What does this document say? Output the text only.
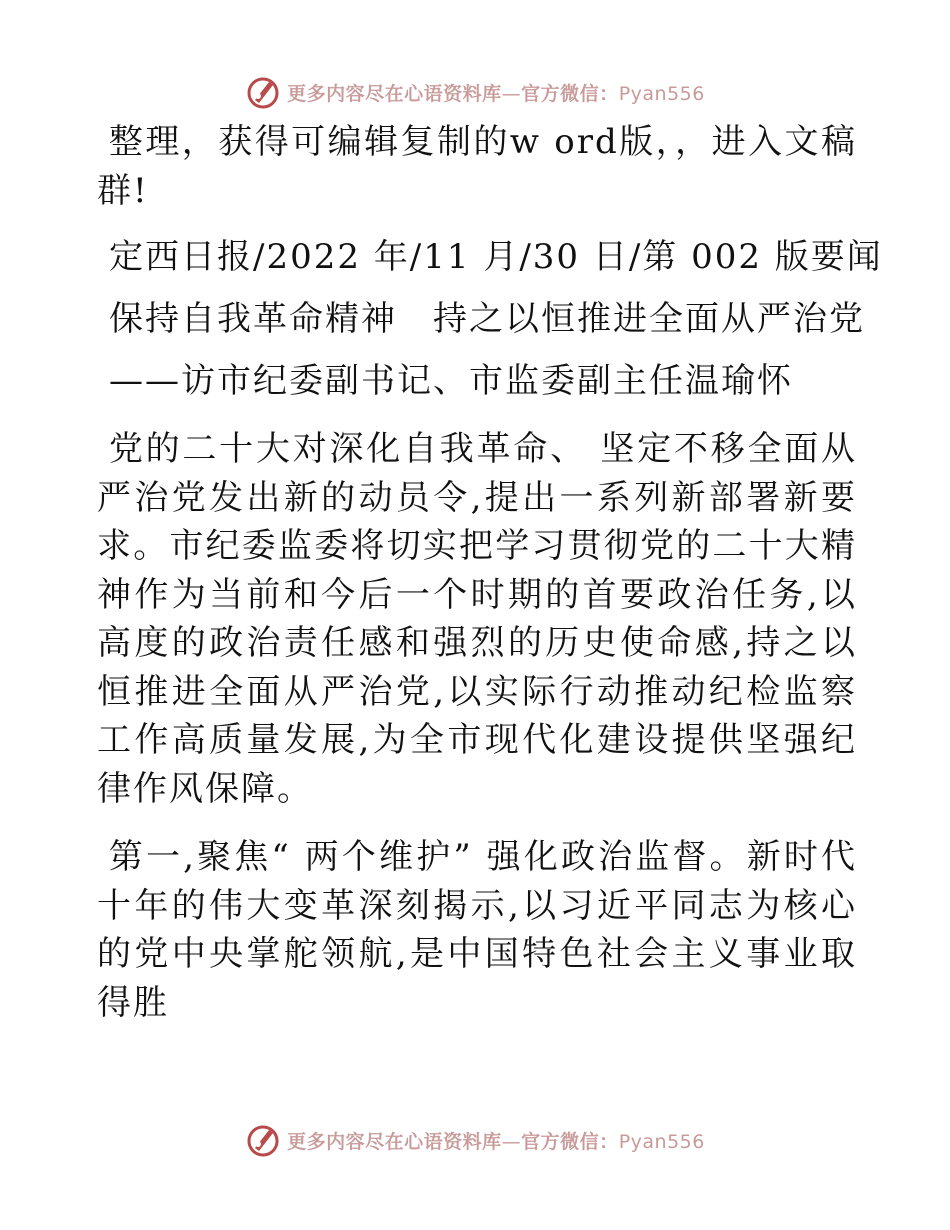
更多内容尽在心语资料库—官方微信：Pyan556
整理，获得可编辑复制的w ord版，，进入文稿群!
定西日报/2022 年/11 月/30 日/第 002 版要闻
保持自我革命精神　持之以恒推进全面从严治党
——访市纪委副书记、市监委副主任温瑜怀
党的二十大对深化自我革命、 坚定不移全面从严治党发出新的动员令,提出一系列新部署新要求。市纪委监委将切实把学习贯彻党的二十大精神作为当前和今后一个时期的首要政治任务,以高度的政治责任感和强烈的历史使命感,持之以恒推进全面从严治党,以实际行动推动纪检监察工作高质量发展,为全市现代化建设提供坚强纪律作风保障。
第一,聚焦“ 两个维护” 强化政治监督。新时代十年的伟大变革深刻揭示,以习近平同志为核心的党中央掌舵领航,是中国特色社会主义事业取得胜
更多内容尽在心语资料库—官方微信：Pyan556
